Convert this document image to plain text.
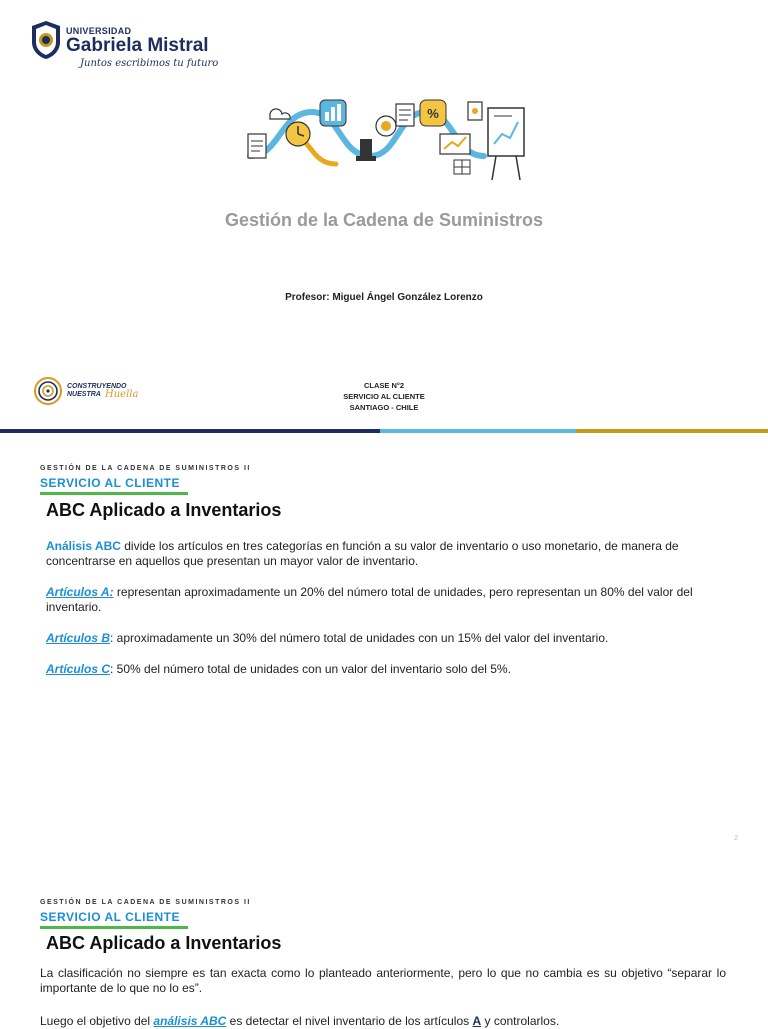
UNIVERSIDAD
Gabriela Mistral
Juntos escribimos tu futuro
%
Gestión de la Cadena de Suministros
Profesor: Miguel Ángel González Lorenzo
CONSTRUYENDO
NUESTRA Huella
CLASE N°2
SERVICIO AL CLIENTE
SANTIAGO - CHILE
GESTIÓN DE LA CADENA DE SUMINISTROS II
SERVICIO AL CLIENTE
ABC Aplicado a Inventarios
Análisis ABC divide los artículos en tres categorías en función a su valor de inventario o uso monetario, de manera de concentrarse en aquellos que presentan un mayor valor de inventario.
Artículos A: representan aproximadamente un 20% del número total de unidades, pero representan un 80% del valor del inventario.
Artículos B: aproximadamente un 30% del número total de unidades con un 15% del valor del inventario.
Artículos C: 50% del número total de unidades con un valor del inventario solo del 5%.
2
GESTIÓN DE LA CADENA DE SUMINISTROS II
SERVICIO AL CLIENTE
ABC Aplicado a Inventarios
La clasificación no siempre es tan exacta como lo planteado anteriormente, pero lo que no cambia es su objetivo “separar lo importante de lo que no lo es”.
Luego el objetivo del análisis ABC es detectar el nivel inventario de los artículos A y controlarlos.
